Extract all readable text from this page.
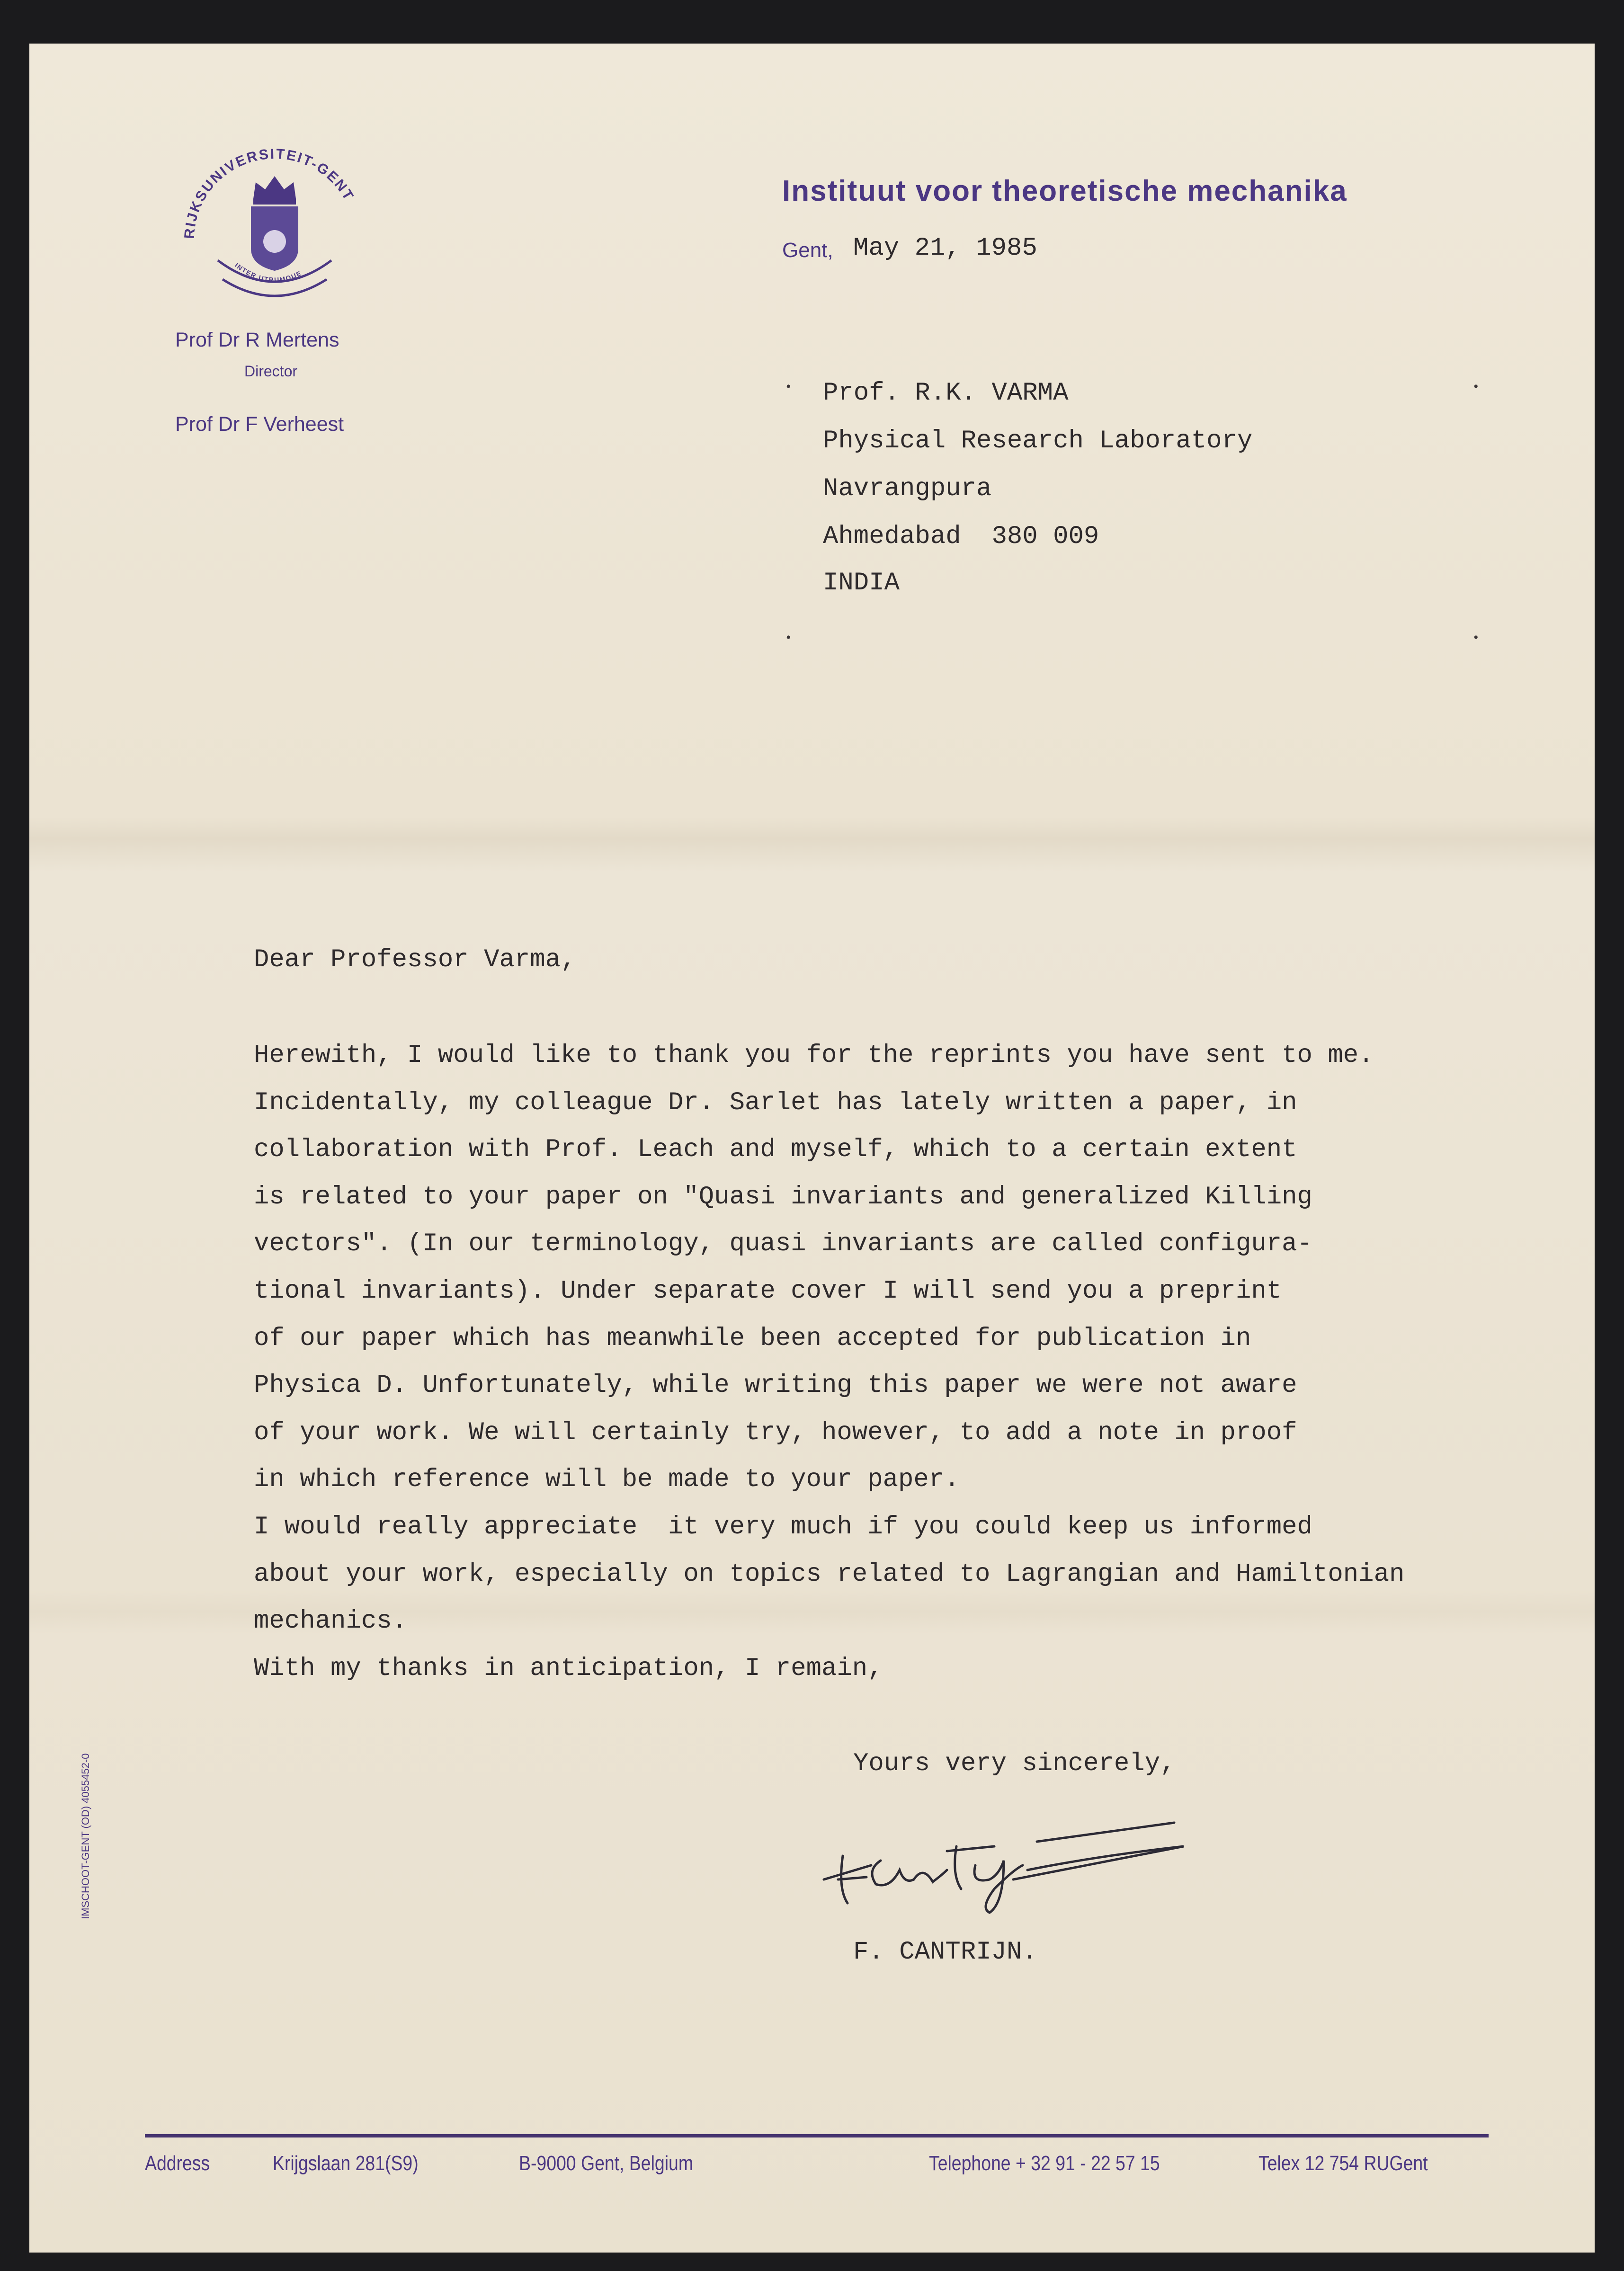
RIJKSUNIVERSITEIT-GENT
INTER UTRUMQUE
Instituut voor theoretische mechanika
Gent, May 21, 1985
Prof Dr R Mertens
Director
Prof Dr F Verheest
•	•
•	•
Prof. R.K. VARMA
Physical Research Laboratory
Navrangpura
Ahmedabad  380 009
INDIA
Dear Professor Varma,
Herewith, I would like to thank you for the reprints you have sent to me.
Incidentally, my colleague Dr. Sarlet has lately written a paper, in
collaboration with Prof. Leach and myself, which to a certain extent
is related to your paper on "Quasi invariants and generalized Killing
vectors". (In our terminology, quasi invariants are called configura-
tional invariants). Under separate cover I will send you a preprint
of our paper which has meanwhile been accepted for publication in
Physica D. Unfortunately, while writing this paper we were not aware
of your work. We will certainly try, however, to add a note in proof
in which reference will be made to your paper.
I would really appreciate  it very much if you could keep us informed
about your work, especially on topics related to Lagrangian and Hamiltonian
mechanics.
With my thanks in anticipation, I remain,
Yours very sincerely,
F. CANTRIJN.
Address	Krijgslaan 281(S9)	B-9000 Gent, Belgium	Telephone + 32 91 - 22 57 15	Telex 12 754 RUGent
IMSCHOOT-GENT (OD) 4055452-0
